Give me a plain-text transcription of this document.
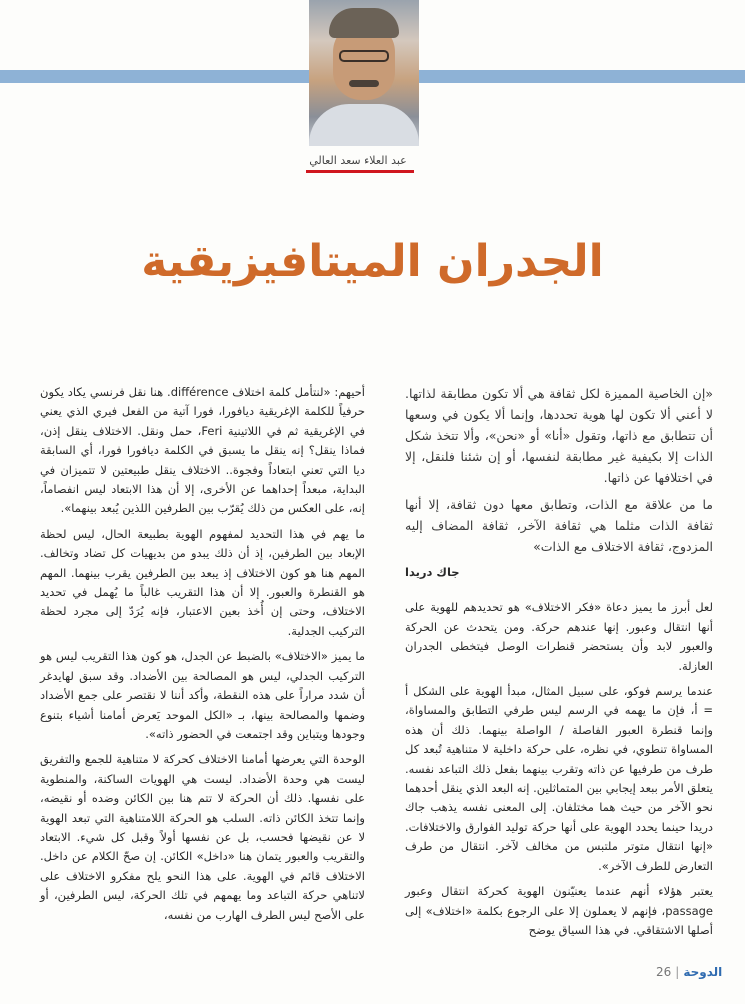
عبد العلاء سعد العالي
الجدران الميتافيزيقية

«إن الخاصية المميزة لكل ثقافة هي ألا تكون مطابقة لذاتها. لا أعني ألا تكون لها هوية تحددها، وإنما ألا يكون في وسعها أن تتطابق مع ذاتها، وتقول «أنا» أو «نحن»، وألا تتخذ شكل الذات إلا بكيفية غير مطابقة لنفسها، أو إن شئنا فلنقل، إلا في اختلافها عن ذاتها.

ما من علاقة مع الذات، وتطابق معها دون ثقافة، إلا أنها ثقافة الذات مثلما هي ثقافة الآخر، ثقافة المضاف إليه المزدوج، ثقافة الاختلاف مع الذات»

جاك دريدا

لعل أبرز ما يميز دعاة «فكر الاختلاف» هو تحديدهم للهوية على أنها انتقال وعبور. إنها عندهم حركة. ومن يتحدث عن الحركة والعبور لابد وأن يستحضر قنطرات الوصل فيتخطى الجدران العازلة.

عندما يرسم فوكو، على سبيل المثال، مبدأ الهوية على الشكل أ = أ، فإن ما يهمه في الرسم ليس طرفي التطابق والمساواة، وإنما قنطرة العبور الفاصلة / الواصلة بينهما. ذلك أن هذه المساواة تنطوي، في نظره، على حركة داخلية لا متناهية تُبعد كل طرف من طرفيها عن ذاته وتقرب بينهما بفعل ذلك التباعد نفسه. يتعلق الأمر ببعد إيجابي بين المتماثلين. إنه البعد الذي ينقل أحدهما نحو الآخر من حيث هما مختلفان. إلى المعنى نفسه يذهب جاك دريدا حينما يحدد الهوية على أنها حركة توليد الفوارق والاختلافات. «إنها انتقال متوتر ملتبس من مخالف لآخر. انتقال من طرف التعارض للطرف الآخر».

يعتبر هؤلاء أنهم عندما يعنيّنون الهوية كحركة انتقال وعبور passage، فإنهم لا يعملون إلا على الرجوع بكلمة «اختلاف» إلى أصلها الاشتقاقي. في هذا السياق يوضح

أحيهم: «لنتأمل كلمة اختلاف différence. هنا نقل فرنسي يكاد يكون حرفياً للكلمة الإغريقية ديافورا، فورا آتية من الفعل فيري الذي يعني في الإغريقية ثم في اللاتينية Feri، حمل ونقل. الاختلاف ينقل إذن، فماذا ينقل؟ إنه ينقل ما يسبق في الكلمة ديافورا فورا، أي السابقة ديا التي تعني ابتعاداً وفجوة.. الاختلاف ينقل طبيعتين لا تتميزان في البداية، مبعداً إحداهما عن الأخرى، إلا أن هذا الابتعاد ليس انفصاماً، إنه، على العكس من ذلك يُقرّب بين الطرفين اللذين يُبعد بينهما».

ما يهم في هذا التحديد لمفهوم الهوية بطبيعة الحال، ليس لحظة الإبعاد بين الطرفين، إذ أن ذلك يبدو من بديهيات كل تضاد وتخالف. المهم هنا هو كون الاختلاف إذ يبعد بين الطرفين يقرب بينهما. المهم هو القنطرة والعبور. إلا أن هذا التقريب غالباً ما يُهمل في تحديد الاختلاف، وحتى إن أُخذ بعين الاعتبار، فإنه يُرَدّ إلى مجرد لحظة التركيب الجدلية.

ما يميز «الاختلاف» بالضبط عن الجدل، هو كون هذا التقريب ليس هو التركيب الجدلي، ليس هو المصالحة بين الأضداد. وقد سبق لهايدغر أن شدد مراراً على هذه النقطة، وأكد أننا لا نقتصر على جمع الأضداد وضمها والمصالحة بينها، بـ «الكل الموحد يَعرض أمامنا أشياء بتنوع وجودها ويتباين وقد اجتمعت في الحضور ذاته».

الوحدة التي يعرضها أمامنا الاختلاف كحركة لا متناهية للجمع والتفريق ليست هي وحدة الأضداد. ليست هي الهويات الساكنة، والمنطوية على نفسها. ذلك أن الحركة لا تتم هنا بين الكائن وضده أو نقيضه، وإنما تتخذ الكائن ذاته. السلب هو الحركة اللامتناهية التي تبعد الهوية لا عن نقيضها فحسب، بل عن نفسها أولاً وقبل كل شيء. الابتعاد والتقريب والعبور يتمان هنا «داخل» الكائن. إن صحّ الكلام عن داخل. الاختلاف قائم في الهوية. على هذا النحو يلح مفكرو الاختلاف على لاتناهي حركة التباعد وما يهمهم في تلك الحركة، ليس الطرفين، أو على الأصح ليس الطرف الهارب من نفسه،

الدوحة|26
